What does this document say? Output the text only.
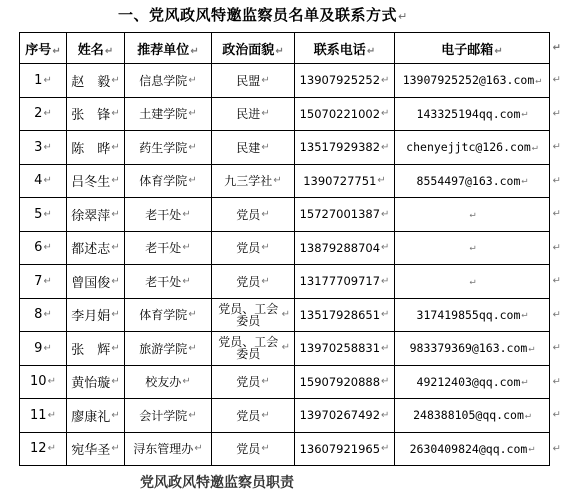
一、党风政风特邀监察员名单及联系方式↵
序号↵	姓名↵	推荐单位↵	政治面貌↵	联系电话↵	电子邮箱↵ ↵

1 ↵	赵　毅 ↵	信息学院 ↵	民盟 ↵	13907925252 ↵	13907925252@163.com ↵ ↵

2 ↵	张　锋 ↵	土建学院 ↵	民进 ↵	15070221002 ↵	143325194qq.com ↵ ↵

3 ↵	陈　晔 ↵	药生学院 ↵	民建 ↵	13517929382 ↵	chenyejjtc@126.com ↵ ↵

4 ↵	吕冬生 ↵	体育学院 ↵	九三学社 ↵	1390727751 ↵	8554497@163.com ↵ ↵

5 ↵	徐翠萍 ↵	老干处 ↵	党员 ↵	15727001387 ↵	↵ ↵

6 ↵	都述志 ↵	老干处 ↵	党员 ↵	13879288704 ↵	↵ ↵

7 ↵	曾国俊 ↵	老干处 ↵	党员 ↵	13177709717 ↵	↵ ↵

8 ↵	李月娟 ↵	体育学院 ↵	党员、工会委员 ↵	13517928651 ↵	317419855qq.com ↵ ↵

9 ↵	张　辉 ↵	旅游学院 ↵	党员、工会委员 ↵	13970258831 ↵	983379369@163.com ↵ ↵

10 ↵	黄怡璇 ↵	校友办 ↵	党员 ↵	15907920888 ↵	49212403@qq.com ↵ ↵

11 ↵	廖康礼 ↵	会计学院 ↵	党员 ↵	13970267492 ↵	248388105@qq.com ↵ ↵

12 ↵	宛华圣 ↵	浔东管理办 ↵	党员 ↵	13607921965 ↵	2630409824@qq.com ↵ ↵
党风政风特邀监察员职责
